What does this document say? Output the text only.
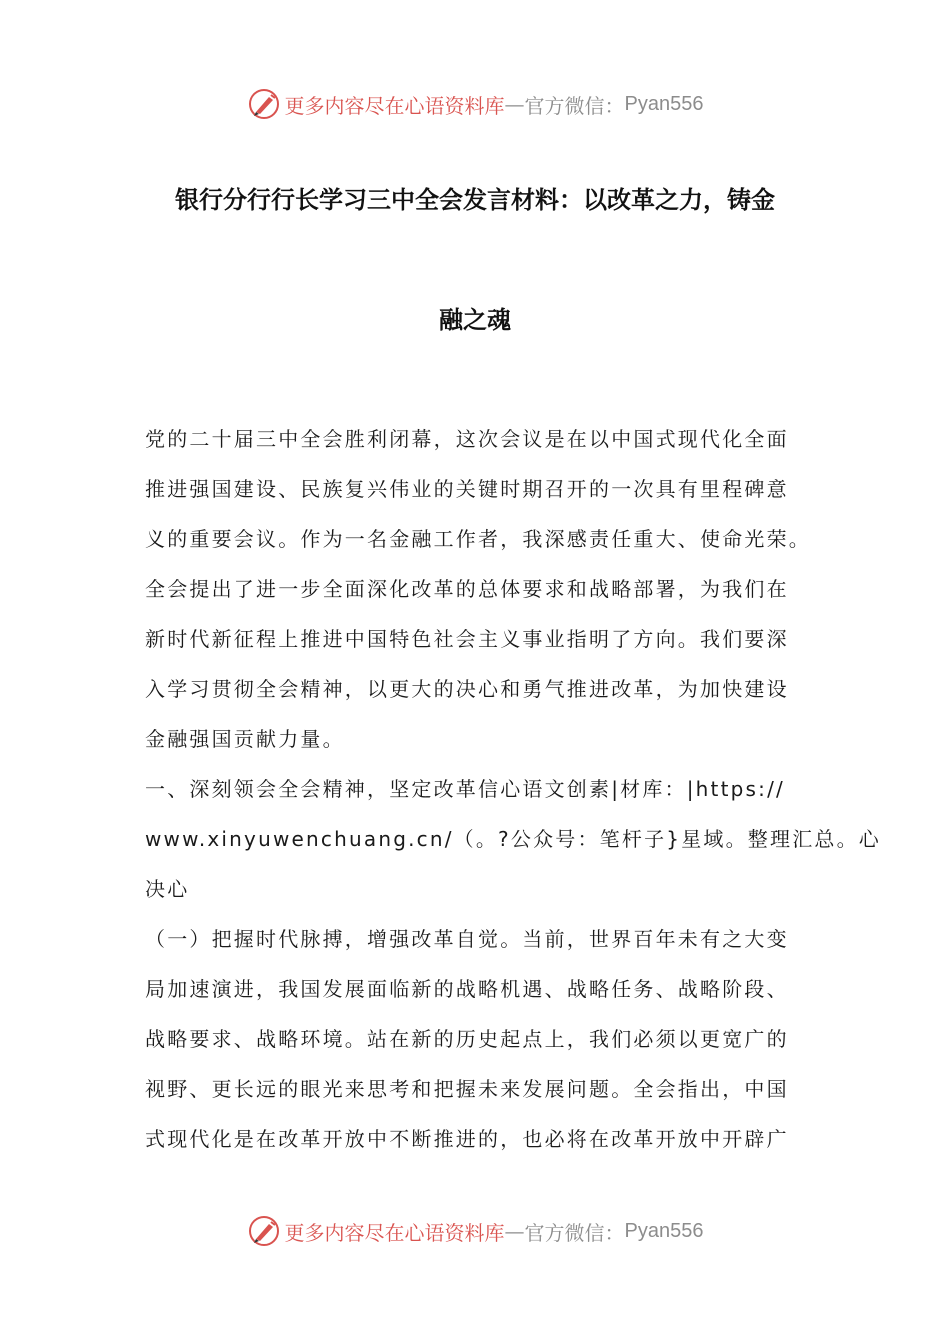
更多内容尽在心语资料库 — 官方微信： Pyan556
银行分行行长学习三中全会发言材料：以改革之力，铸金
融之魂
党的二十届三中全会胜利闭幕，这次会议是在以中国式现代化全面
推进强国建设、民族复兴伟业的关键时期召开的一次具有里程碑意
义的重要会议。作为一名金融工作者，我深感责任重大、使命光荣。
全会提出了进一步全面深化改革的总体要求和战略部署，为我们在
新时代新征程上推进中国特色社会主义事业指明了方向。我们要深
入学习贯彻全会精神，以更大的决心和勇气推进改革，为加快建设
金融强国贡献力量。
一、深刻领会全会精神，坚定改革信心语文创素|材库：|https://
www.xinyuwenchuang.cn/（。?公众号：笔杆子}星域。整理汇总。心
决心
（一）把握时代脉搏，增强改革自觉。当前，世界百年未有之大变
局加速演进，我国发展面临新的战略机遇、战略任务、战略阶段、
战略要求、战略环境。站在新的历史起点上，我们必须以更宽广的
视野、更长远的眼光来思考和把握未来发展问题。全会指出，中国
式现代化是在改革开放中不断推进的，也必将在改革开放中开辟广
更多内容尽在心语资料库 — 官方微信： Pyan556
